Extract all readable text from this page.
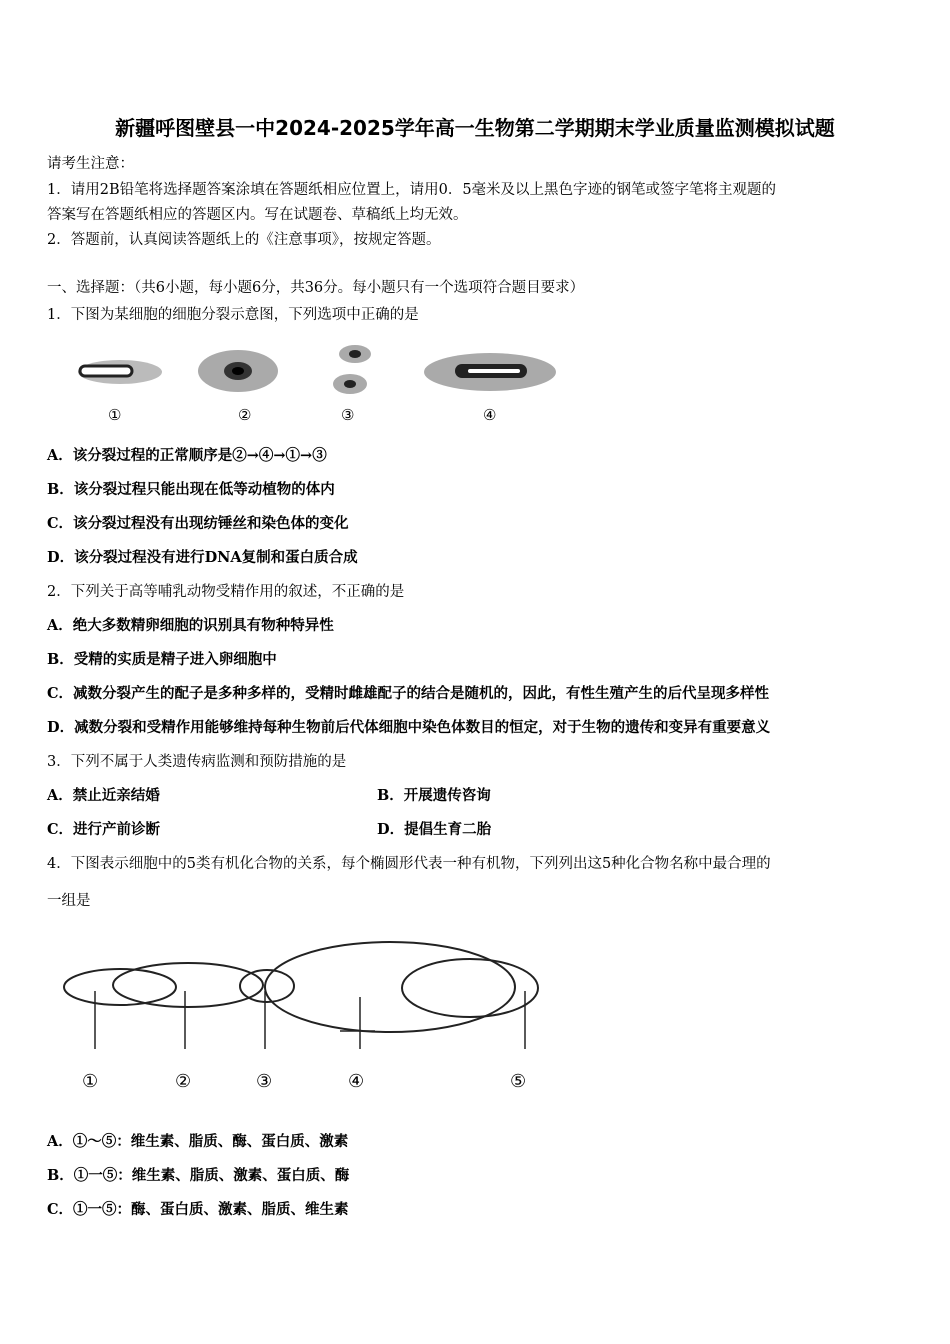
新疆呼图壁县一中2024-2025学年高一生物第二学期期末学业质量监测模拟试题
请考生注意：
1．请用2B铅笔将选择题答案涂填在答题纸相应位置上，请用0．5毫米及以上黑色字迹的钢笔或签字笔将主观题的
答案写在答题纸相应的答题区内。写在试题卷、草稿纸上均无效。
2．答题前，认真阅读答题纸上的《注意事项》，按规定答题。
一、选择题：（共6小题，每小题6分，共36分。每小题只有一个选项符合题目要求）
1．下图为某细胞的细胞分裂示意图，下列选项中正确的是
①	②	③	④
A．该分裂过程的正常顺序是②→④→①→③
B．该分裂过程只能出现在低等动植物的体内
C．该分裂过程没有出现纺锤丝和染色体的变化
D．该分裂过程没有进行DNA复制和蛋白质合成
2．下列关于高等哺乳动物受精作用的叙述，不正确的是
A．绝大多数精卵细胞的识别具有物种特异性
B．受精的实质是精子进入卵细胞中
C．减数分裂产生的配子是多种多样的，受精时雌雄配子的结合是随机的，因此，有性生殖产生的后代呈现多样性
D．减数分裂和受精作用能够维持每种生物前后代体细胞中染色体数目的恒定，对于生物的遗传和变异有重要意义
3．下列不属于人类遗传病监测和预防措施的是
A．禁止近亲结婚	B．开展遗传咨询
C．进行产前诊断	D．提倡生育二胎
4．下图表示细胞中的5类有机化合物的关系，每个椭圆形代表一种有机物，下列列出这5种化合物名称中最合理的
一组是
①	②	③	④	⑤
A．①～⑤：维生素、脂质、酶、蛋白质、激素
B．①一⑤：维生素、脂质、激素、蛋白质、酶
C．①一⑤：酶、蛋白质、激素、脂质、维生素
